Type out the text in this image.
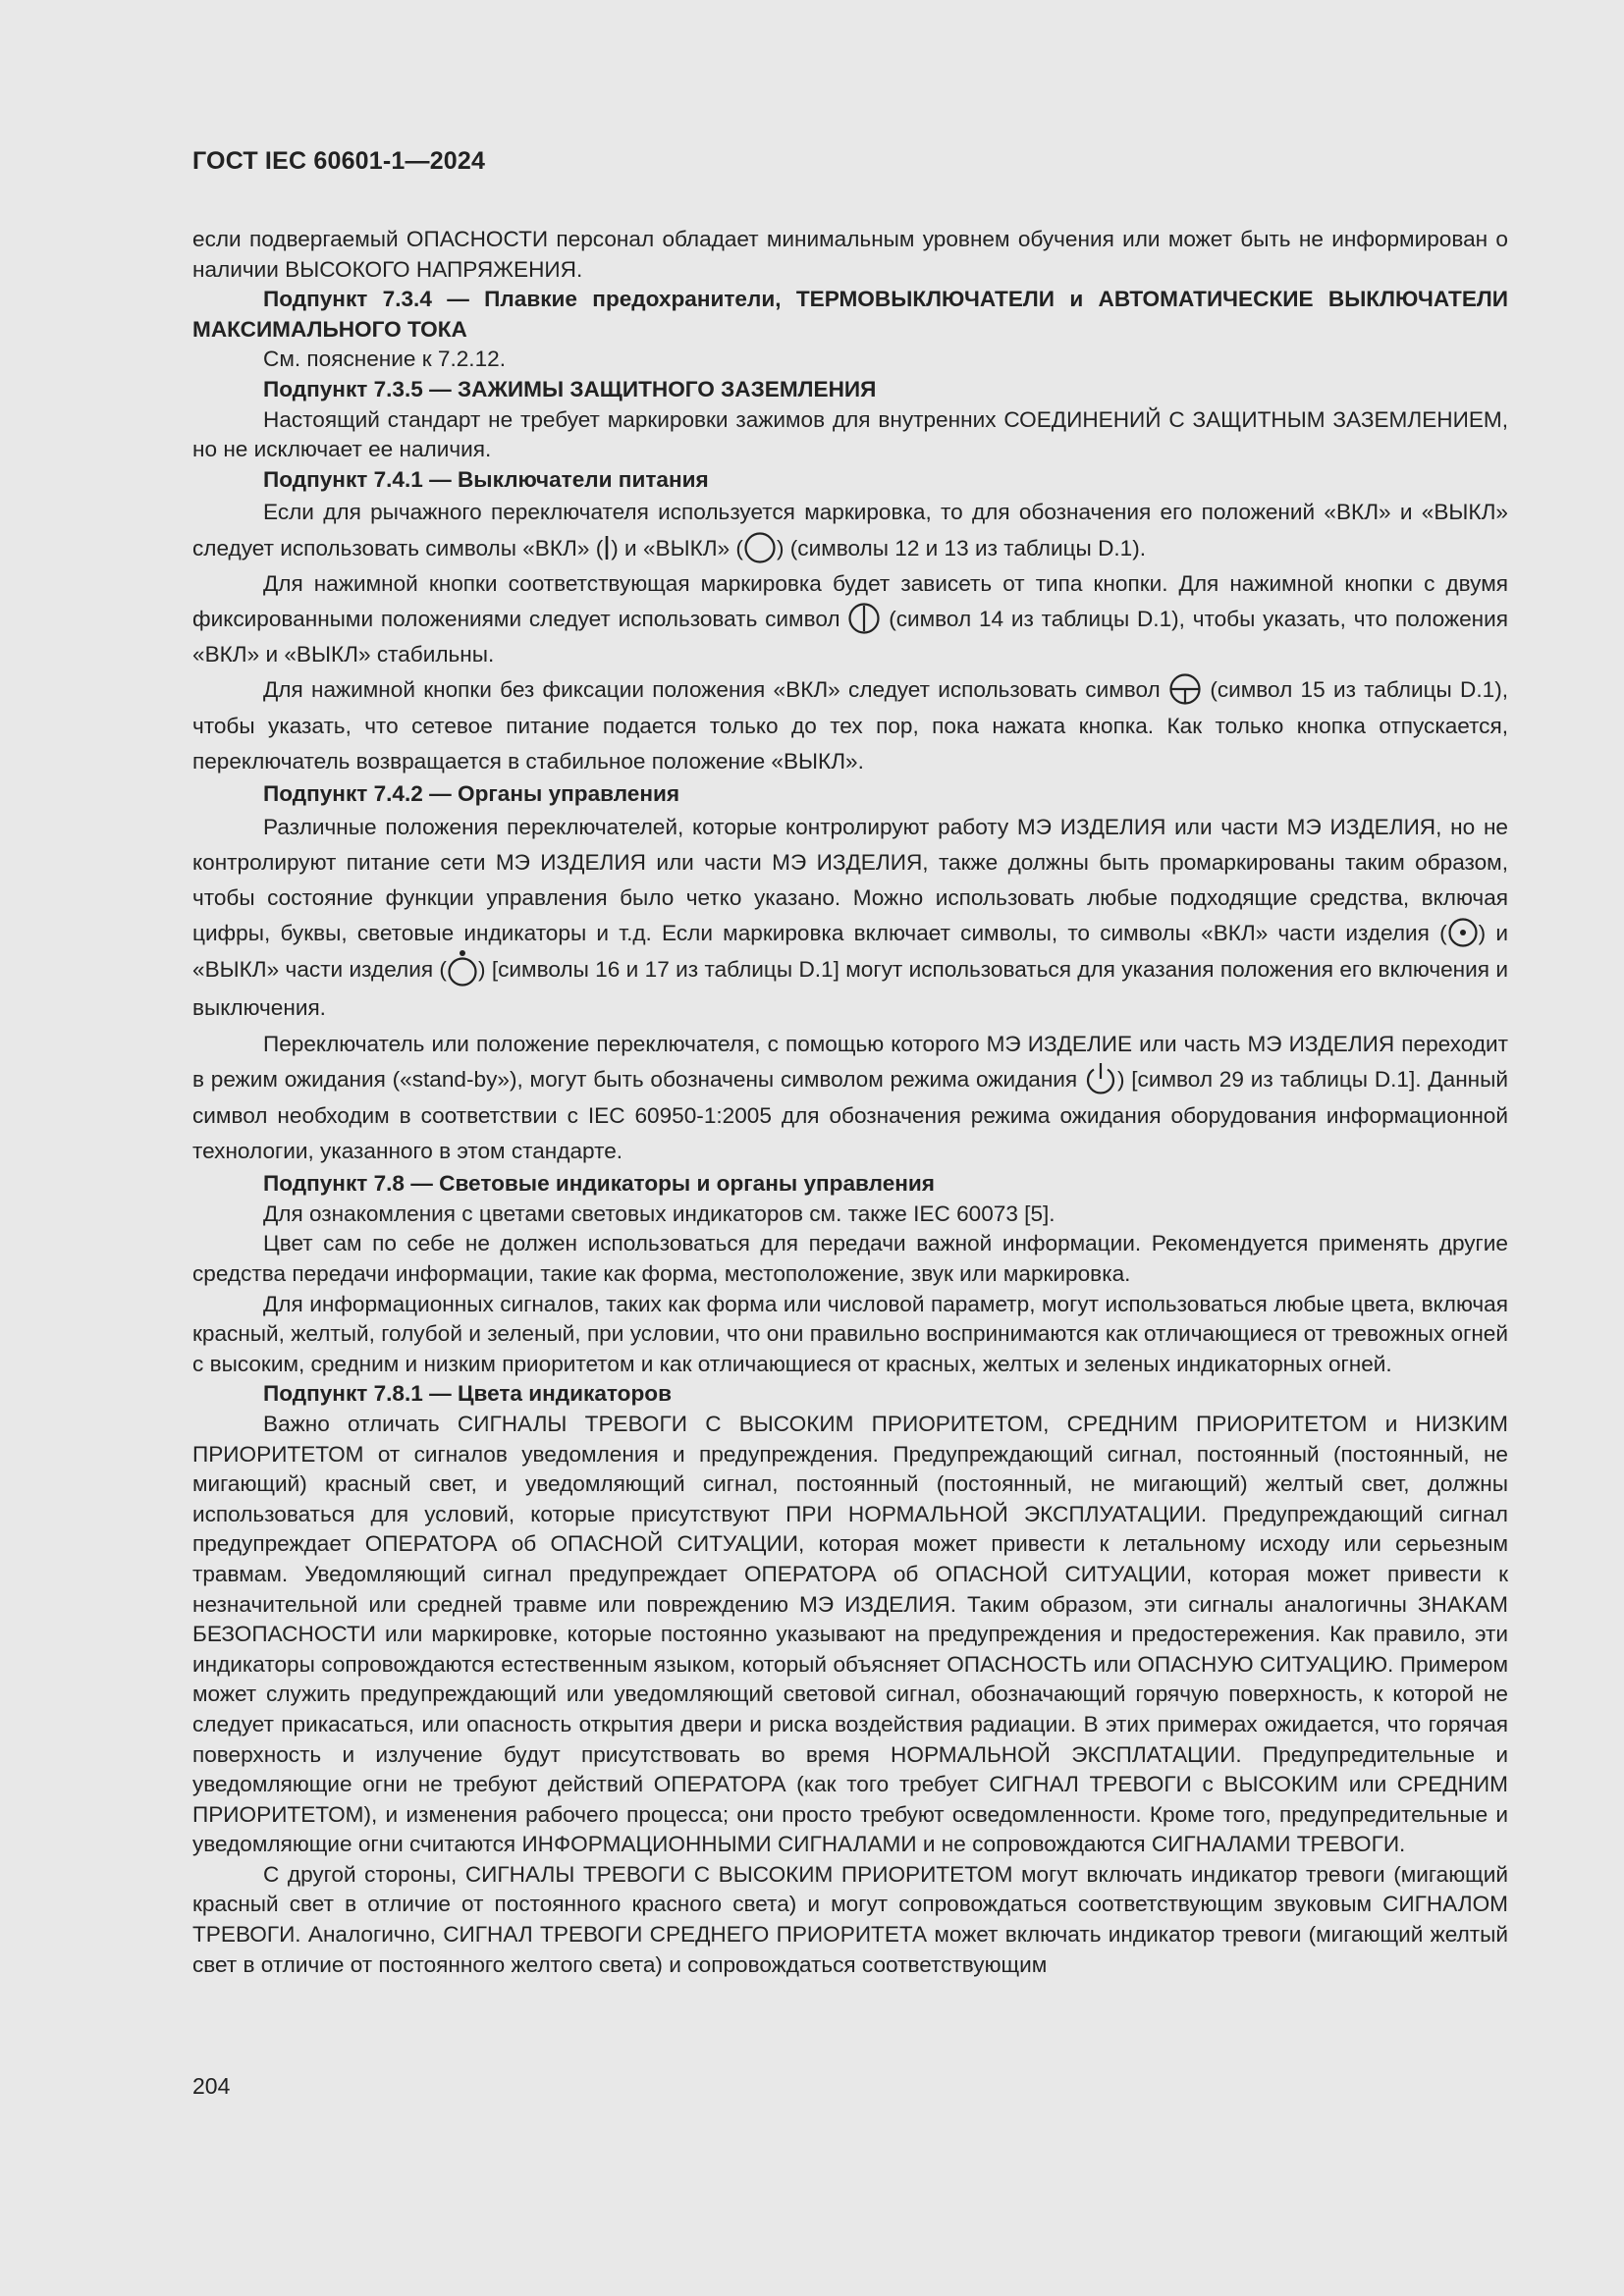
ГОСТ IEC 60601-1—2024

если подвергаемый ОПАСНОСТИ персонал обладает минимальным уровнем обучения или может быть не информирован о наличии ВЫСОКОГО НАПРЯЖЕНИЯ.

Подпункт 7.3.4 — Плавкие предохранители, ТЕРМОВЫКЛЮЧАТЕЛИ и АВТОМАТИЧЕСКИЕ ВЫКЛЮЧАТЕЛИ МАКСИМАЛЬНОГО ТОКА

См. пояснение к 7.2.12.

Подпункт 7.3.5 — ЗАЖИМЫ ЗАЩИТНОГО ЗАЗЕМЛЕНИЯ

Настоящий стандарт не требует маркировки зажимов для внутренних СОЕДИНЕНИЙ С ЗАЩИТНЫМ ЗАЗЕМЛЕНИЕМ, но не исключает ее наличия.

Подпункт 7.4.1 — Выключатели питания

Если для рычажного переключателя используется маркировка, то для обозначения его положений «ВКЛ» и «ВЫКЛ» следует использовать символы «ВКЛ» ( ) и «ВЫКЛ» ( ) (символы 12 и 13 из таблицы D.1).

Для нажимной кнопки соответствующая маркировка будет зависеть от типа кнопки. Для нажимной кнопки с двумя фиксированными положениями следует использовать символ (символ 14 из таблицы D.1), чтобы указать, что положения «ВКЛ» и «ВЫКЛ» стабильны.

Для нажимной кнопки без фиксации положения «ВКЛ» следует использовать символ (символ 15 из таблицы D.1), чтобы указать, что сетевое питание подается только до тех пор, пока нажата кнопка. Как только кнопка отпускается, переключатель возвращается в стабильное положение «ВЫКЛ».

Подпункт 7.4.2 — Органы управления

Различные положения переключателей, которые контролируют работу МЭ ИЗДЕЛИЯ или части МЭ ИЗДЕЛИЯ, но не контролируют питание сети МЭ ИЗДЕЛИЯ или части МЭ ИЗДЕЛИЯ, также должны быть промаркированы таким образом, чтобы состояние функции управления было четко указано. Можно использовать любые подходящие средства, включая цифры, буквы, световые индикаторы и т.д. Если маркировка включает символы, то символы «ВКЛ» части изделия ( ) и «ВЫКЛ» части изделия ( ) [символы 16 и 17 из таблицы D.1] могут использоваться для указания положения его включения и выключения.

Переключатель или положение переключателя, с помощью которого МЭ ИЗДЕЛИЕ или часть МЭ ИЗДЕЛИЯ переходит в режим ожидания («stand-by»), могут быть обозначены символом режима ожидания ) [символ 29 из таблицы D.1]. Данный символ необходим в соответствии с IEC 60950-1:2005 для обозначения режима ожидания оборудования информационной технологии, указанного в этом стандарте.

Подпункт 7.8 — Световые индикаторы и органы управления

Для ознакомления с цветами световых индикаторов см. также IEC 60073 [5].

Цвет сам по себе не должен использоваться для передачи важной информации. Рекомендуется применять другие средства передачи информации, такие как форма, местоположение, звук или маркировка.

Для информационных сигналов, таких как форма или числовой параметр, могут использоваться любые цвета, включая красный, желтый, голубой и зеленый, при условии, что они правильно воспринимаются как отличающиеся от тревожных огней с высоким, средним и низким приоритетом и как отличающиеся от красных, желтых и зеленых индикаторных огней.

Подпункт 7.8.1 — Цвета индикаторов

Важно отличать СИГНАЛЫ ТРЕВОГИ С ВЫСОКИМ ПРИОРИТЕТОМ, СРЕДНИМ ПРИОРИТЕТОМ и НИЗКИМ ПРИОРИТЕТОМ от сигналов уведомления и предупреждения. Предупреждающий сигнал, постоянный (постоянный, не мигающий) красный свет, и уведомляющий сигнал, постоянный (постоянный, не мигающий) желтый свет, должны использоваться для условий, которые присутствуют ПРИ НОРМАЛЬНОЙ ЭКСПЛУАТАЦИИ. Предупреждающий сигнал предупреждает ОПЕРАТОРА об ОПАСНОЙ СИТУАЦИИ, которая может привести к летальному исходу или серьезным травмам. Уведомляющий сигнал предупреждает ОПЕРАТОРА об ОПАСНОЙ СИТУАЦИИ, которая может привести к незначительной или средней травме или повреждению МЭ ИЗДЕЛИЯ. Таким образом, эти сигналы аналогичны ЗНАКАМ БЕЗОПАСНОСТИ или маркировке, которые постоянно указывают на предупреждения и предостережения. Как правило, эти индикаторы сопровождаются естественным языком, который объясняет ОПАСНОСТЬ или ОПАСНУЮ СИТУАЦИЮ. Примером может служить предупреждающий или уведомляющий световой сигнал, обозначающий горячую поверхность, к которой не следует прикасаться, или опасность открытия двери и риска воздействия радиации. В этих примерах ожидается, что горячая поверхность и излучение будут присутствовать во время НОРМАЛЬНОЙ ЭКСПЛАТАЦИИ. Предупредительные и уведомляющие огни не требуют действий ОПЕРАТОРА (как того требует СИГНАЛ ТРЕВОГИ с ВЫСОКИМ или СРЕДНИМ ПРИОРИТЕТОМ), и изменения рабочего процесса; они просто требуют осведомленности. Кроме того, предупредительные и уведомляющие огни считаются ИНФОРМАЦИОННЫМИ СИГНАЛАМИ и не сопровождаются СИГНАЛАМИ ТРЕВОГИ.

С другой стороны, СИГНАЛЫ ТРЕВОГИ С ВЫСОКИМ ПРИОРИТЕТОМ могут включать индикатор тревоги (мигающий красный свет в отличие от постоянного красного света) и могут сопровождаться соответствующим звуковым СИГНАЛОМ ТРЕВОГИ. Аналогично, СИГНАЛ ТРЕВОГИ СРЕДНЕГО ПРИОРИТЕТА может включать индикатор тревоги (мигающий желтый свет в отличие от постоянного желтого света) и сопровождаться соответствующим

204
